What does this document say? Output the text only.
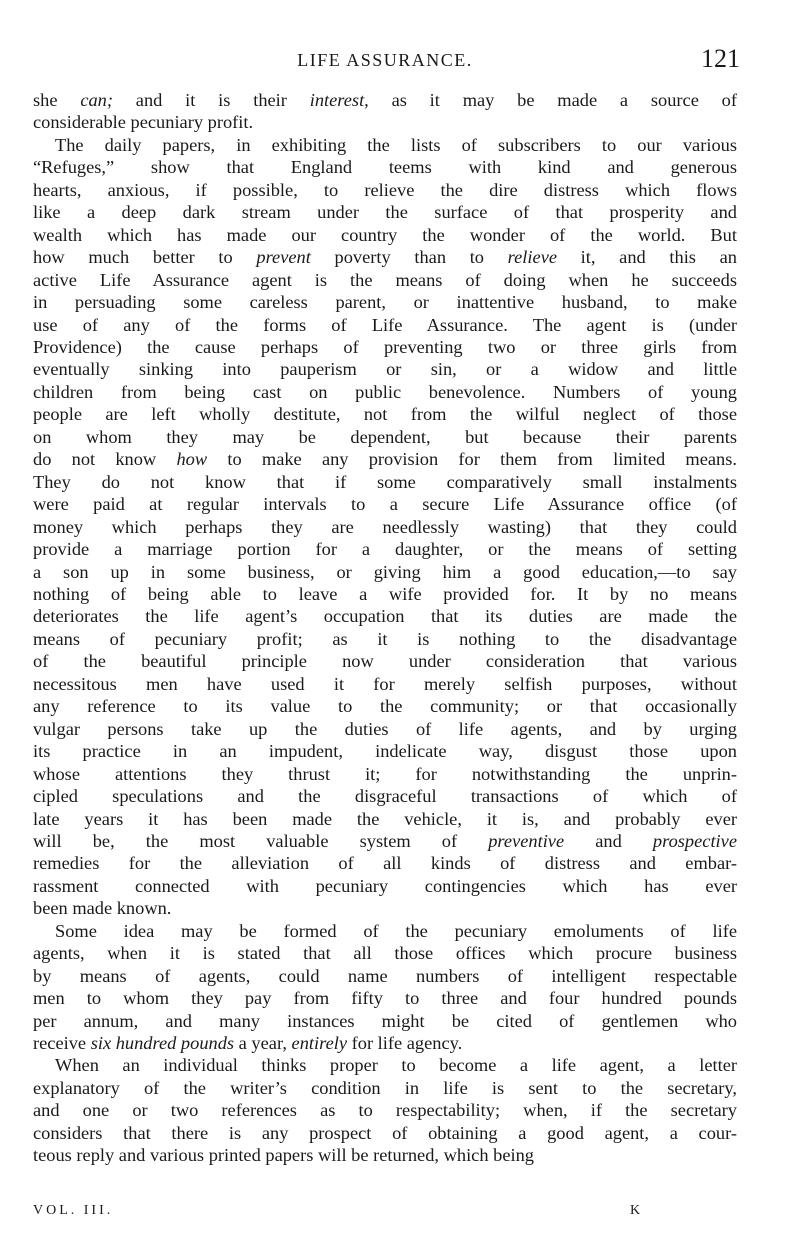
LIFE ASSURANCE.	121
she can; and it is their interest, as it may be made a source of
considerable pecuniary profit.
The daily papers, in exhibiting the lists of subscribers to our various
“Refuges,” show that England teems with kind and generous
hearts, anxious, if possible, to relieve the dire distress which flows
like a deep dark stream under the surface of that prosperity and
wealth which has made our country the wonder of the world. But
how much better to prevent poverty than to relieve it, and this an
active Life Assurance agent is the means of doing when he succeeds
in persuading some careless parent, or inattentive husband, to make
use of any of the forms of Life Assurance. The agent is (under
Providence) the cause perhaps of preventing two or three girls from
eventually sinking into pauperism or sin, or a widow and little
children from being cast on public benevolence. Numbers of young
people are left wholly destitute, not from the wilful neglect of those
on whom they may be dependent, but because their parents
do not know how to make any provision for them from limited means.
They do not know that if some comparatively small instalments
were paid at regular intervals to a secure Life Assurance office (of
money which perhaps they are needlessly wasting) that they could
provide a marriage portion for a daughter, or the means of setting
a son up in some business, or giving him a good education,—to say
nothing of being able to leave a wife provided for. It by no means
deteriorates the life agent’s occupation that its duties are made the
means of pecuniary profit; as it is nothing to the disadvantage
of the beautiful principle now under consideration that various
necessitous men have used it for merely selfish purposes, without
any reference to its value to the community; or that occasionally
vulgar persons take up the duties of life agents, and by urging
its practice in an impudent, indelicate way, disgust those upon
whose attentions they thrust it; for notwithstanding the unprin-
cipled speculations and the disgraceful transactions of which of
late years it has been made the vehicle, it is, and probably ever
will be, the most valuable system of preventive and prospective
remedies for the alleviation of all kinds of distress and embar-
rassment connected with pecuniary contingencies which has ever
been made known.
Some idea may be formed of the pecuniary emoluments of life
agents, when it is stated that all those offices which procure business
by means of agents, could name numbers of intelligent respectable
men to whom they pay from fifty to three and four hundred pounds
per annum, and many instances might be cited of gentlemen who
receive six hundred pounds a year, entirely for life agency.
When an individual thinks proper to become a life agent, a letter
explanatory of the writer’s condition in life is sent to the secretary,
and one or two references as to respectability; when, if the secretary
considers that there is any prospect of obtaining a good agent, a cour-
teous reply and various printed papers will be returned, which being
VOL. III.	K
